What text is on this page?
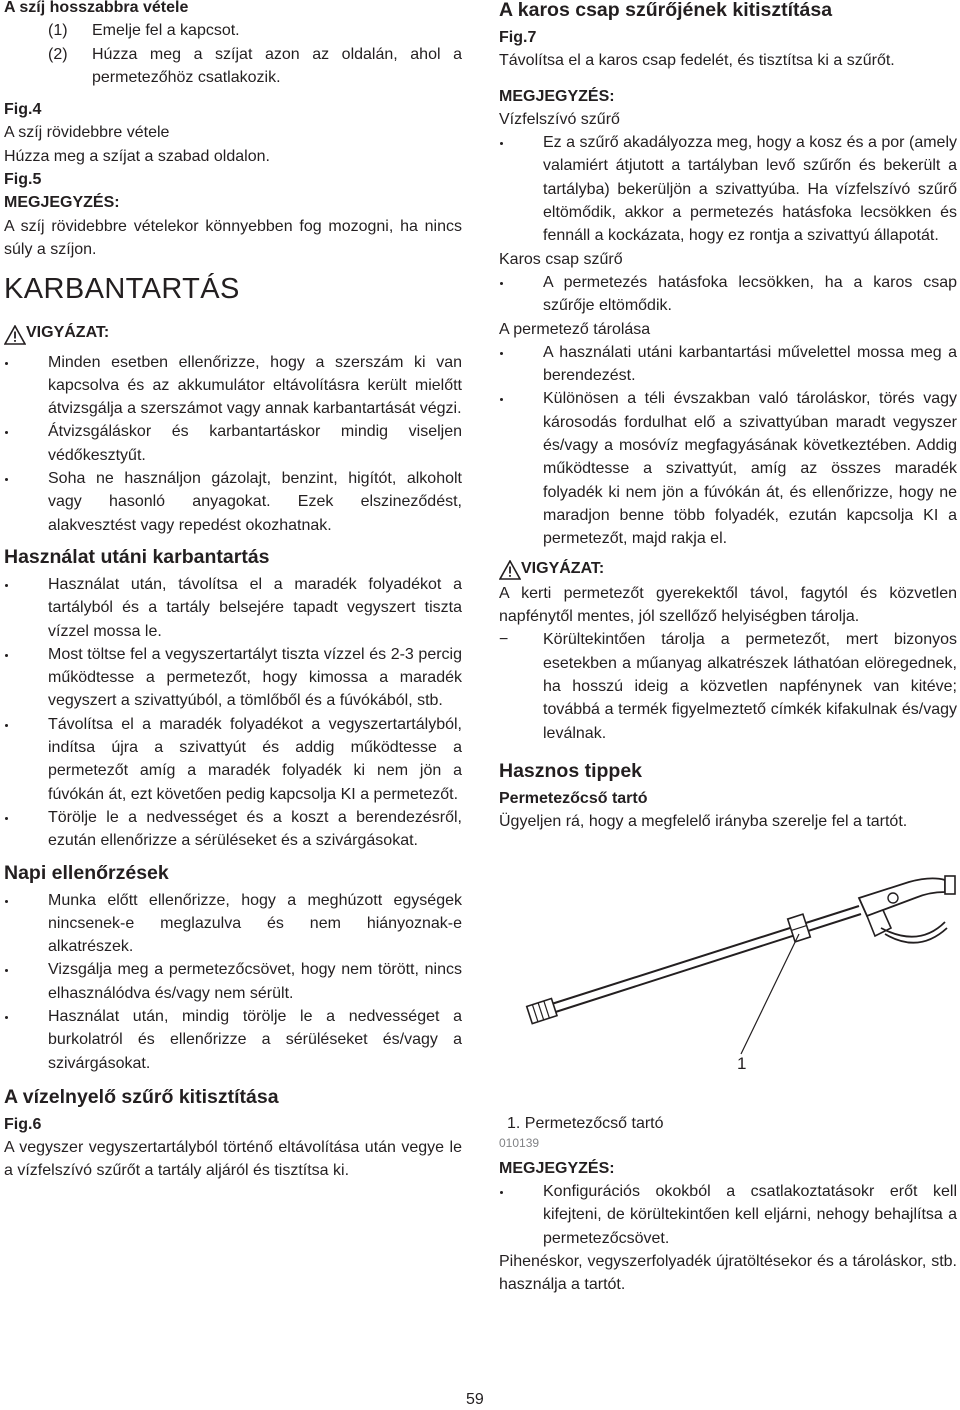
A szíj hosszabbra vétele

(1)	Emelje fel a kapcsot.
(2)	Húzza meg a szíjat azon az oldalán, ahol a permetezőhöz csatlakozik.

Fig.4

A szíj rövidebbre vétele

Húzza meg a szíjat a szabad oldalon.

Fig.5

MEGJEGYZÉS:

A szíj rövidebbre vételekor könnyebben fog mozogni, ha nincs súly a szíjon.

KARBANTARTÁS

VIGYÁZAT:
Minden esetben ellenőrizze, hogy a szerszám ki van kapcsolva és az akkumulátor eltávolításra került mielőtt átvizsgálja a szerszámot vagy annak karbantartását végzi.
Átvizsgáláskor és karbantartáskor mindig viseljen védőkesztyűt.
Soha ne használjon gázolajt, benzint, higítót, alkoholt vagy hasonló anyagokat. Ezek elszineződést, alakvesztést vagy repedést okozhatnak.

Használat utáni karbantartás

Használat után, távolítsa el a maradék folyadékot a tartályból és a tartály belsejére tapadt vegyszert tiszta vízzel mossa le.
Most töltse fel a vegyszertartályt tiszta vízzel és 2-3 percig működtesse a permetezőt, hogy kimossa a maradék vegyszert a szivattyúból, a tömlőből és a fúvókából, stb.
Távolítsa el a maradék folyadékot a vegyszertartályból, indítsa újra a szivattyút és addig működtesse a permetezőt amíg a maradék folyadék ki nem jön a fúvókán át, ezt követően pedig kapcsolja KI a permetezőt.
Törölje le a nedvességet és a koszt a berendezésről, ezután ellenőrizze a sérüléseket és a szivárgásokat.

Napi ellenőrzések

Munka előtt ellenőrizze, hogy a meghúzott egységek nincsenek-e meglazulva és nem hiányoznak-e alkatrészek.
Vizsgálja meg a permetezőcsövet, hogy nem törött, nincs elhasználódva és/vagy nem sérült.
Használat után, mindig törölje le a nedvességet a burkolatról és ellenőrizze a sérüléseket és/vagy a szivárgásokat.

A vízelnyelő szűrő kitisztítása

Fig.6

A vegyszer vegyszertartályból történő eltávolítása után vegye le a vízfelszívó szűrőt a tartály aljáról és tisztítsa ki.

A karos csap szűrőjének kitisztítása

Fig.7

Távolítsa el a karos csap fedelét, és tisztítsa ki a szűrőt.

MEGJEGYZÉS:

Vízfelszívó szűrő

Ez a szűrő akadályozza meg, hogy a kosz és a por (amely valamiért átjutott a tartályban levő szűrőn és bekerült a tartályba) bekerüljön a szivattyúba. Ha vízfelszívó szűrő eltömődik, akkor a permetezés hatásfoka lecsökken és fennáll a kockázata, hogy ez rontja a szivattyú állapotát.

Karos csap szűrő

A permetezés hatásfoka lecsökken, ha a karos csap szűrője eltömődik.

A permetező tárolása

A használati utáni karbantartási művelettel mossa meg a berendezést.
Különösen a téli évszakban való tároláskor, törés vagy károsodás fordulhat elő a szivattyúban maradt vegyszer és/vagy a mosóvíz megfagyásának következtében. Addig működtesse a szivattyút, amíg az összes maradék folyadék ki nem jön a fúvókán át, és ellenőrizze, hogy ne maradjon benne több folyadék, ezután kapcsolja KI a permetezőt, majd rakja el.
VIGYÁZAT:

A kerti permetezőt gyerekektől távol, fagytól és közvetlen napfénytől mentes, jól szellőző helyiségben tárolja.

− Körültekintően tárolja a permetezőt, mert bizonyos esetekben a műanyag alkatrészek láthatóan elöregednek, ha hosszú ideig a közvetlen napfénynek van kitéve; továbbá a termék figyelmeztető címkék kifakulnak és/vagy leválnak.

Hasznos tippek

Permetezőcső tartó

Ügyeljen rá, hogy a megfelelő irányba szerelje fel a tartót.

1

1. Permetezőcső tartó

010139

MEGJEGYZÉS:

Konfigurációs okokból a csatlakoztatásokr erőt kell kifejteni, de körültekintően kell eljárni, nehogy behajlítsa a permetezőcsövet.

Pihenéskor, vegyszerfolyadék újratöltésekor és a tároláskor, stb. használja a tartót.

59
